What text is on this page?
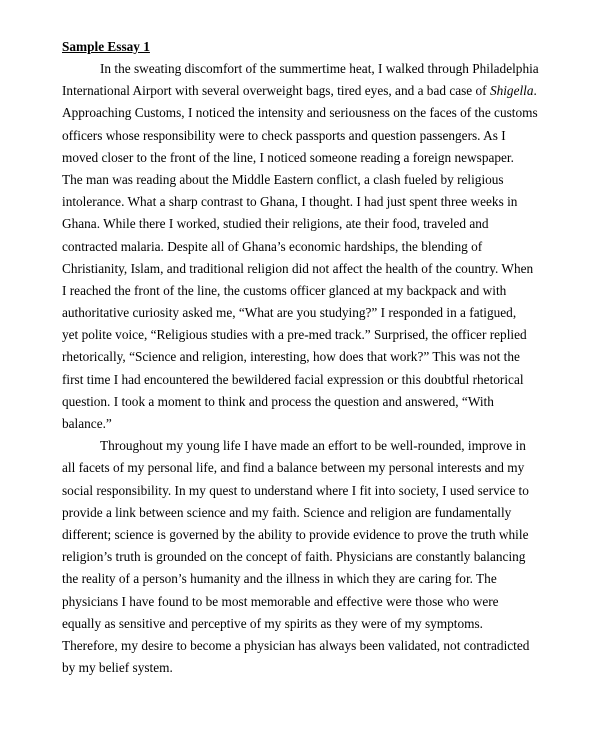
Sample Essay 1
In the sweating discomfort of the summertime heat, I walked through Philadelphia
International Airport with several overweight bags, tired eyes, and a bad case of Shigella.
Approaching Customs, I noticed the intensity and seriousness on the faces of the customs
officers whose responsibility were to check passports and question passengers. As I
moved closer to the front of the line, I noticed someone reading a foreign newspaper.
The man was reading about the Middle Eastern conflict, a clash fueled by religious
intolerance. What a sharp contrast to Ghana, I thought. I had just spent three weeks in
Ghana. While there I worked, studied their religions, ate their food, traveled and
contracted malaria. Despite all of Ghana’s economic hardships, the blending of
Christianity, Islam, and traditional religion did not affect the health of the country. When
I reached the front of the line, the customs officer glanced at my backpack and with
authoritative curiosity asked me, “What are you studying?” I responded in a fatigued,
yet polite voice, “Religious studies with a pre-med track.” Surprised, the officer replied
rhetorically, “Science and religion, interesting, how does that work?” This was not the
first time I had encountered the bewildered facial expression or this doubtful rhetorical
question. I took a moment to think and process the question and answered, “With
balance.”
Throughout my young life I have made an effort to be well-rounded, improve in
all facets of my personal life, and find a balance between my personal interests and my
social responsibility. In my quest to understand where I fit into society, I used service to
provide a link between science and my faith. Science and religion are fundamentally
different; science is governed by the ability to provide evidence to prove the truth while
religion’s truth is grounded on the concept of faith. Physicians are constantly balancing
the reality of a person’s humanity and the illness in which they are caring for. The
physicians I have found to be most memorable and effective were those who were
equally as sensitive and perceptive of my spirits as they were of my symptoms.
Therefore, my desire to become a physician has always been validated, not contradicted
by my belief system.
